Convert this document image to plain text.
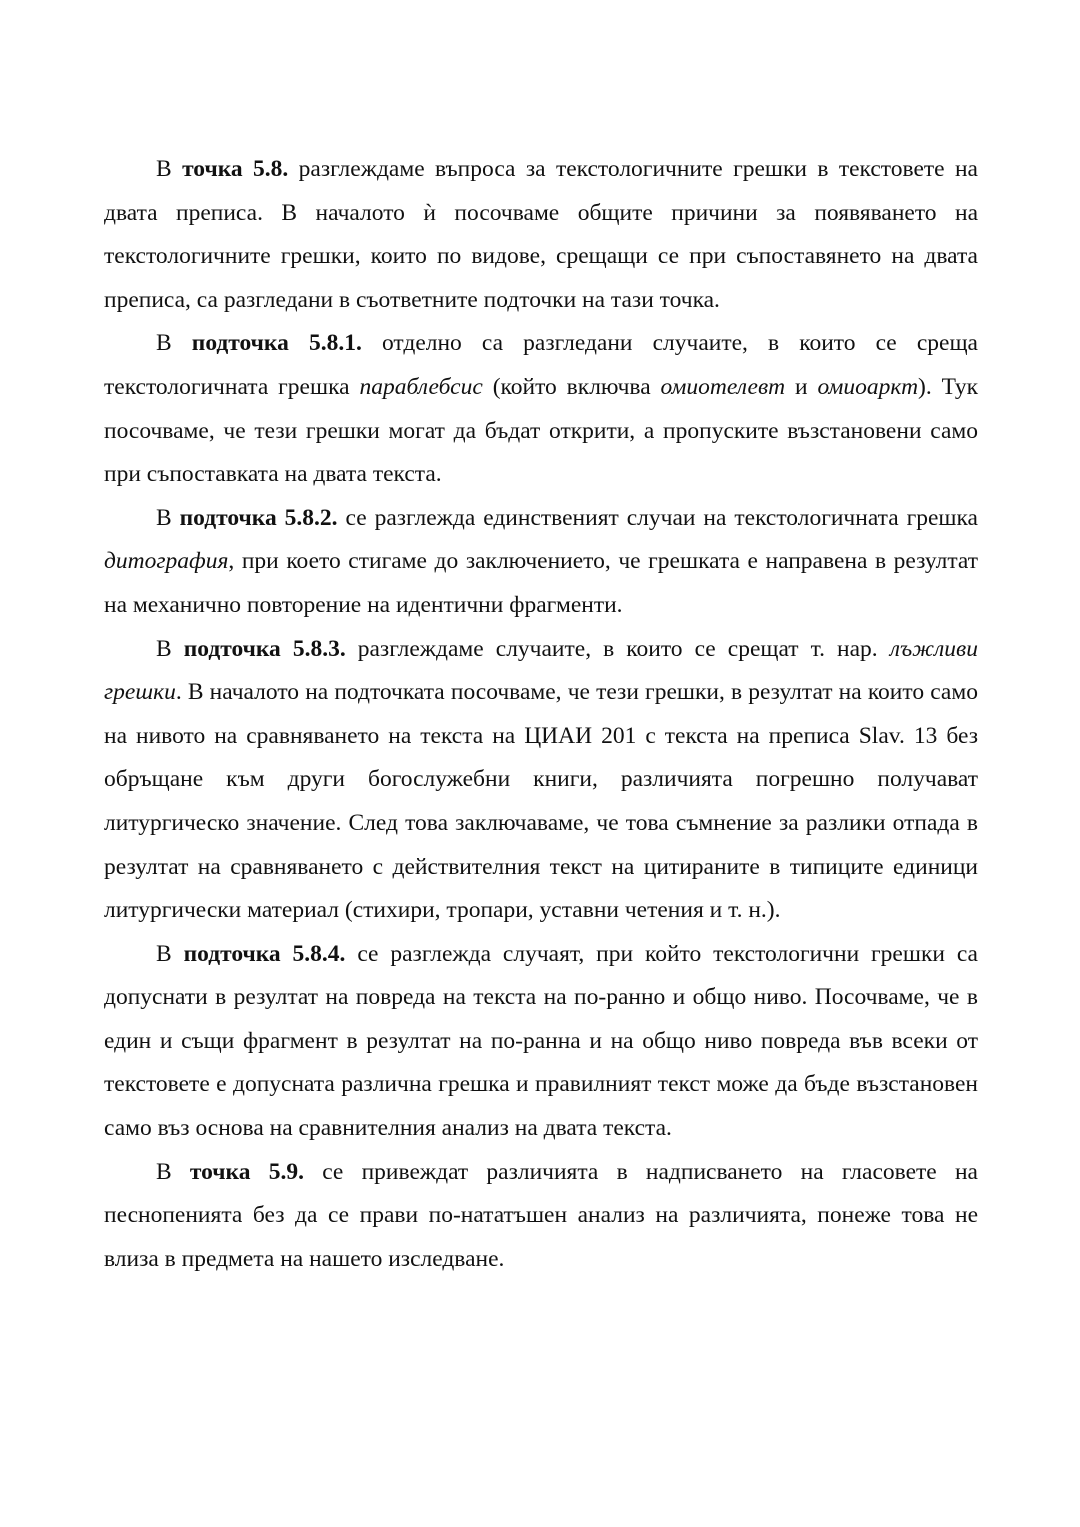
В точка 5.8. разглеждаме въпроса за текстологичните грешки в текстовете на двата преписа. В началото ѝ посочваме общите причини за появяването на текстологичните грешки, които по видове, срещащи се при съпоставянето на двата преписа, са разгледани в съответните подточки на тази точка.

В подточка 5.8.1. отделно са разгледани случаите, в които се среща текстологичната грешка параблебсис (който включва омиотелевт и омиоаркт). Тук посочваме, че тези грешки могат да бъдат открити, а пропуските възстановени само при съпоставката на двата текста.

В подточка 5.8.2. се разглежда единственият случаи на текстологичната грешка дитография, при което стигаме до заключението, че грешката е направена в резултат на механично повторение на идентични фрагменти.

В подточка 5.8.3. разглеждаме случаите, в които се срещат т. нар. лъжливи грешки. В началото на подточката посочваме, че тези грешки, в резултат на които само на нивото на сравняването на текста на ЦИАИ 201 с текста на преписа Slav. 13 без обръщане към други богослужебни книги, различията погрешно получават литургическо значение. След това заключаваме, че това съмнение за разлики отпада в резултат на сравняването с действителния текст на цитираните в типиците единици литургически материал (стихири, тропари, уставни четения и т. н.).

В подточка 5.8.4. се разглежда случаят, при който текстологични грешки са допуснати в резултат на повреда на текста на по-ранно и общо ниво. Посочваме, че в един и същи фрагмент в резултат на по-ранна и на общо ниво повреда във всеки от текстовете е допусната различна грешка и правилният текст може да бъде възстановен само въз основа на сравнителния анализ на двата текста.

В точка 5.9. се привеждат различията в надписването на гласовете на песнопенията без да се прави по-нататъшен анализ на различията, понеже това не влиза в предмета на нашето изследване.
